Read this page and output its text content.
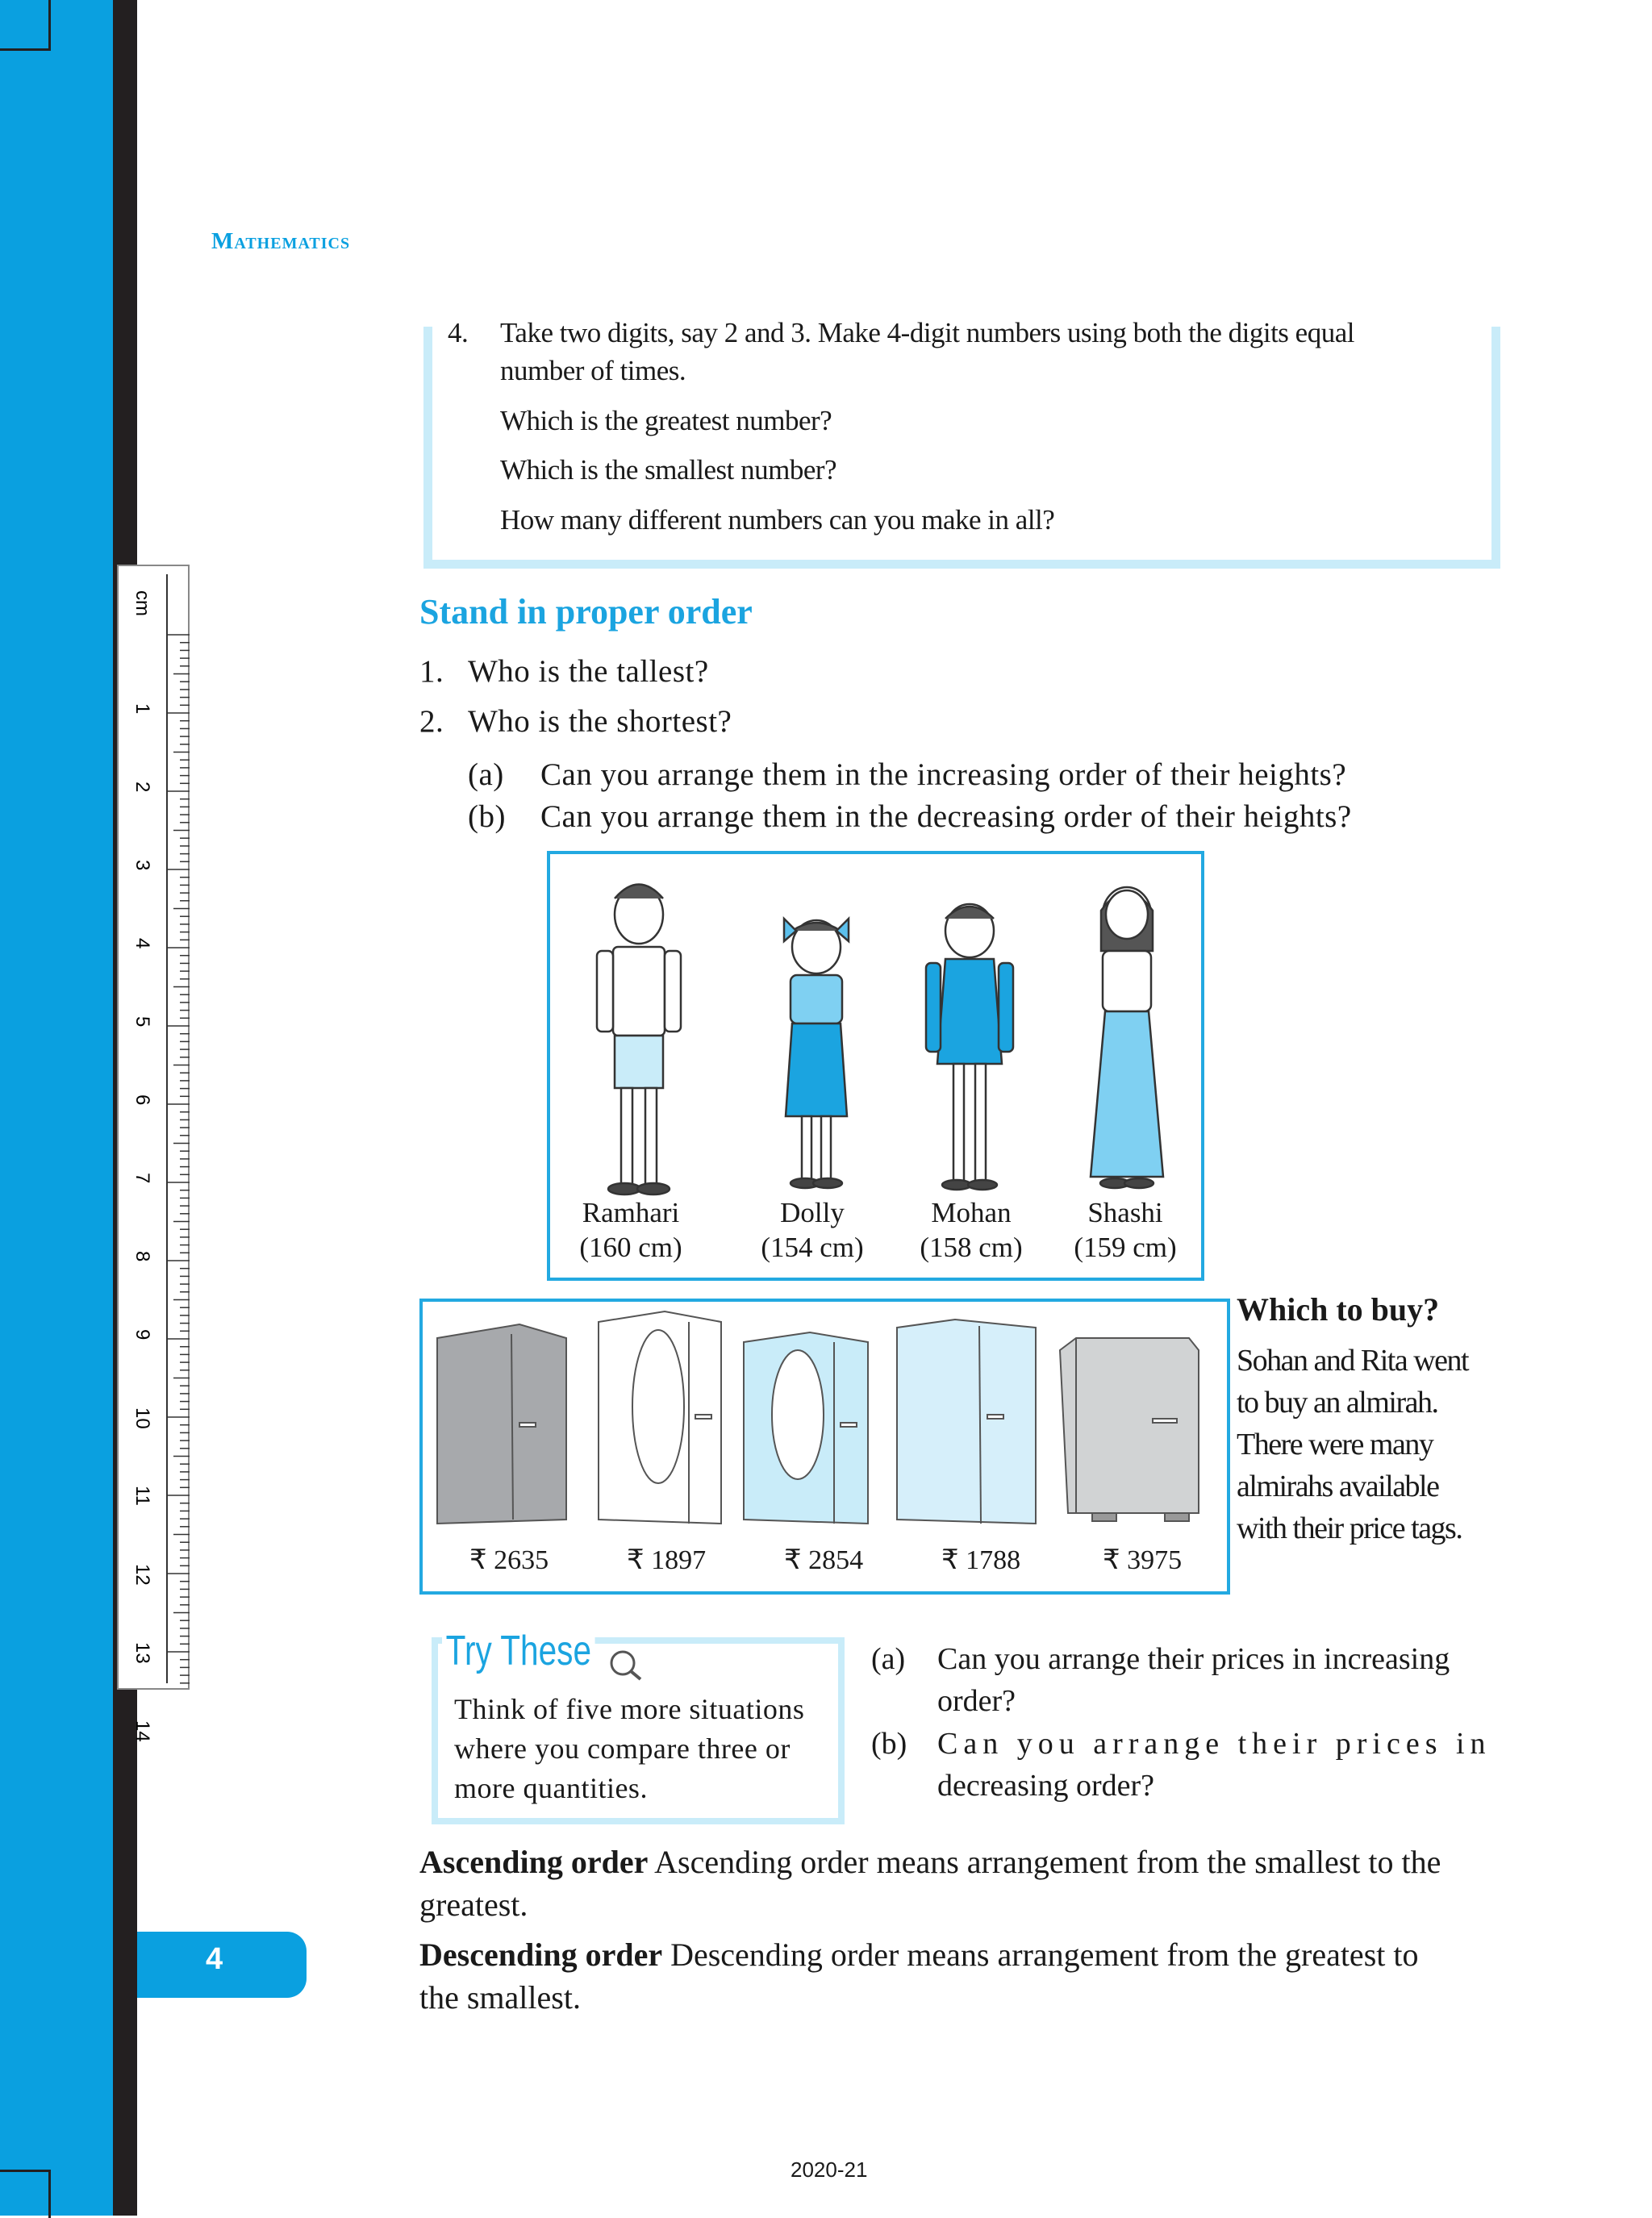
cm
1
2
3
4
5
6
7
8
9
10
11
12
13
14
Mathematics
4. Take two digits, say 2 and 3. Make 4-digit numbers using both the digits equal
number of times.
Which is the greatest number?
Which is the smallest number?
How many different numbers can you make in all?
Stand in proper order
1. Who is the tallest?
2. Who is the shortest?
(a) Can you arrange them in the increasing order of their heights?
(b) Can you arrange them in the decreasing order of their heights?
Ramhari
(160 cm)
Dolly
(154 cm)
Mohan
(158 cm)
Shashi
(159 cm)
₹ 2635	₹ 1897	₹ 2854	₹ 1788	₹ 3975
Which to buy?
Sohan and Rita went
to buy an almirah.
There were many
almirahs available
with their price tags.
Try These
Think of five more situations
where you compare three or
more quantities.
(a) Can you arrange their prices in increasing
order?
(b) Can you arrange their prices in
decreasing order?
Ascending order Ascending order means arrangement from the smallest to the
greatest.
Descending order Descending order means arrangement from the greatest to
the smallest.
4
2020-21
